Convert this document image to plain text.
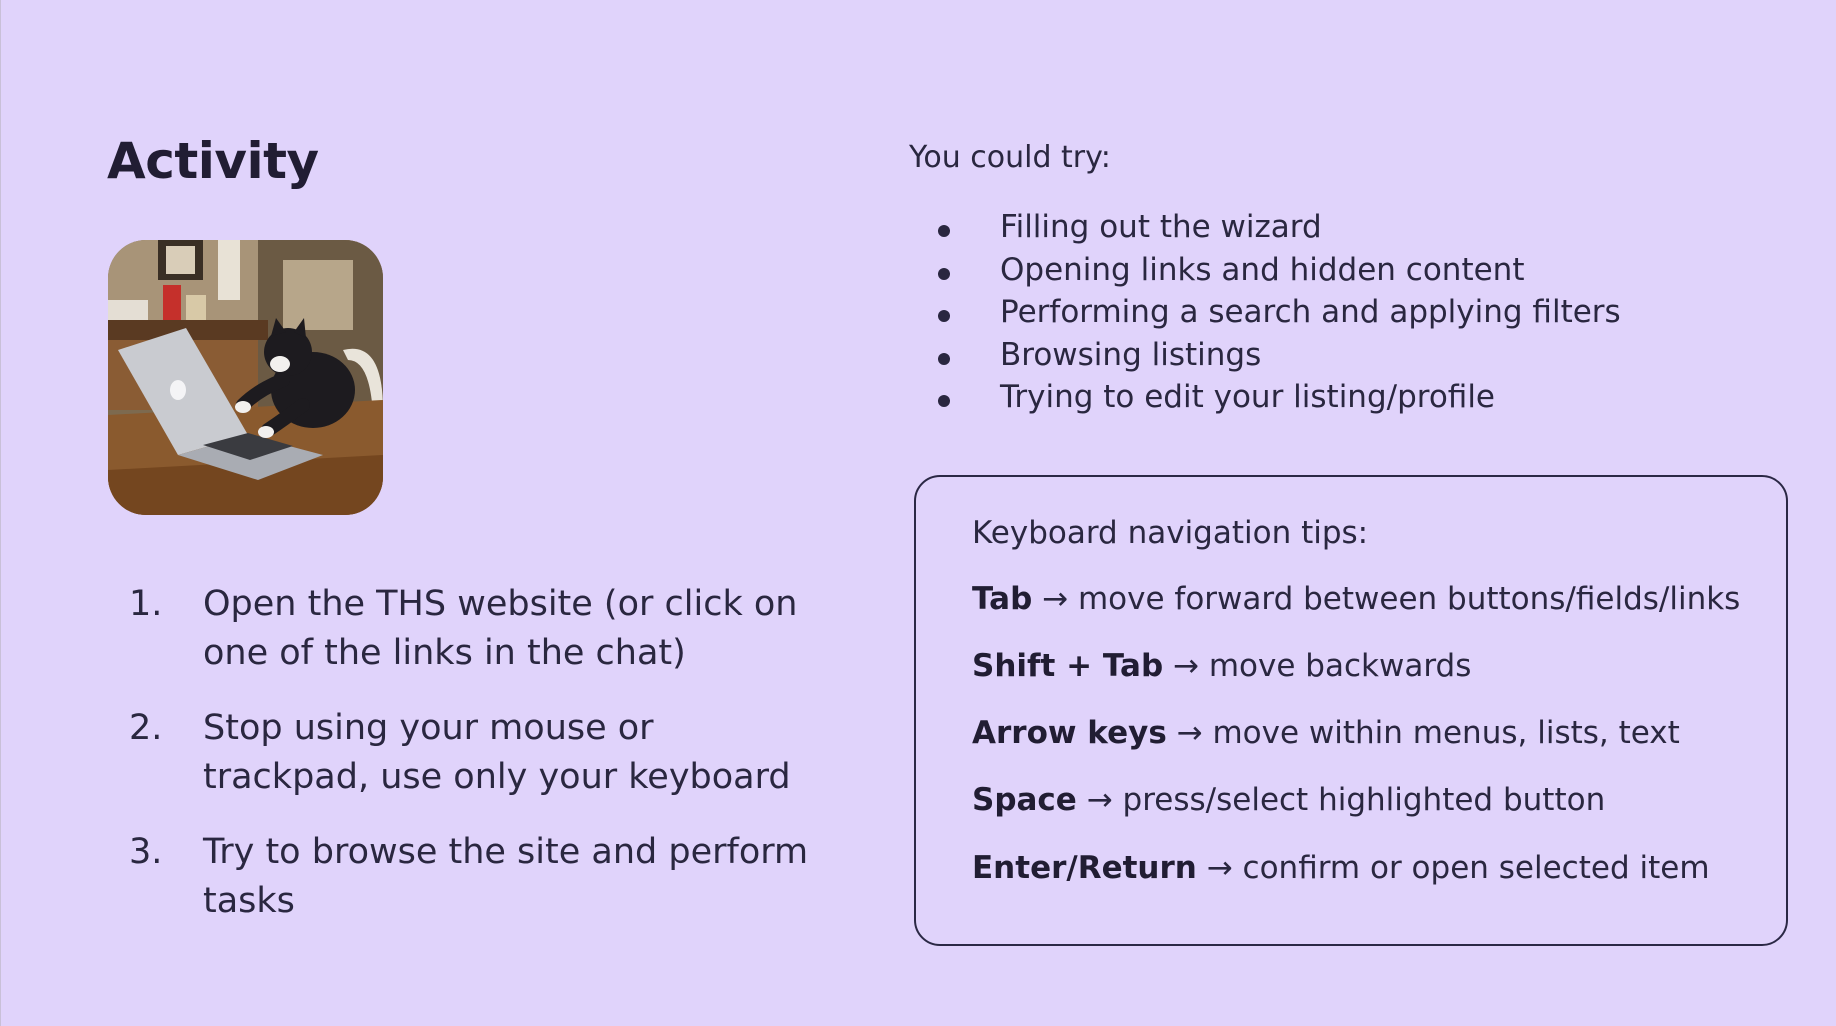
Activity
1. Open the THS website (or click on one of the links in the chat)
2. Stop using your mouse or trackpad, use only your keyboard
3. Try to browse the site and perform tasks
You could try:
Filling out the wizard
Opening links and hidden content
Performing a search and applying filters
Browsing listings
Trying to edit your listing/profile
Keyboard navigation tips:
Tab → move forward between buttons/fields/links
Shift + Tab → move backwards
Arrow keys → move within menus, lists, text
Space → press/select highlighted button
Enter/Return → confirm or open selected item
